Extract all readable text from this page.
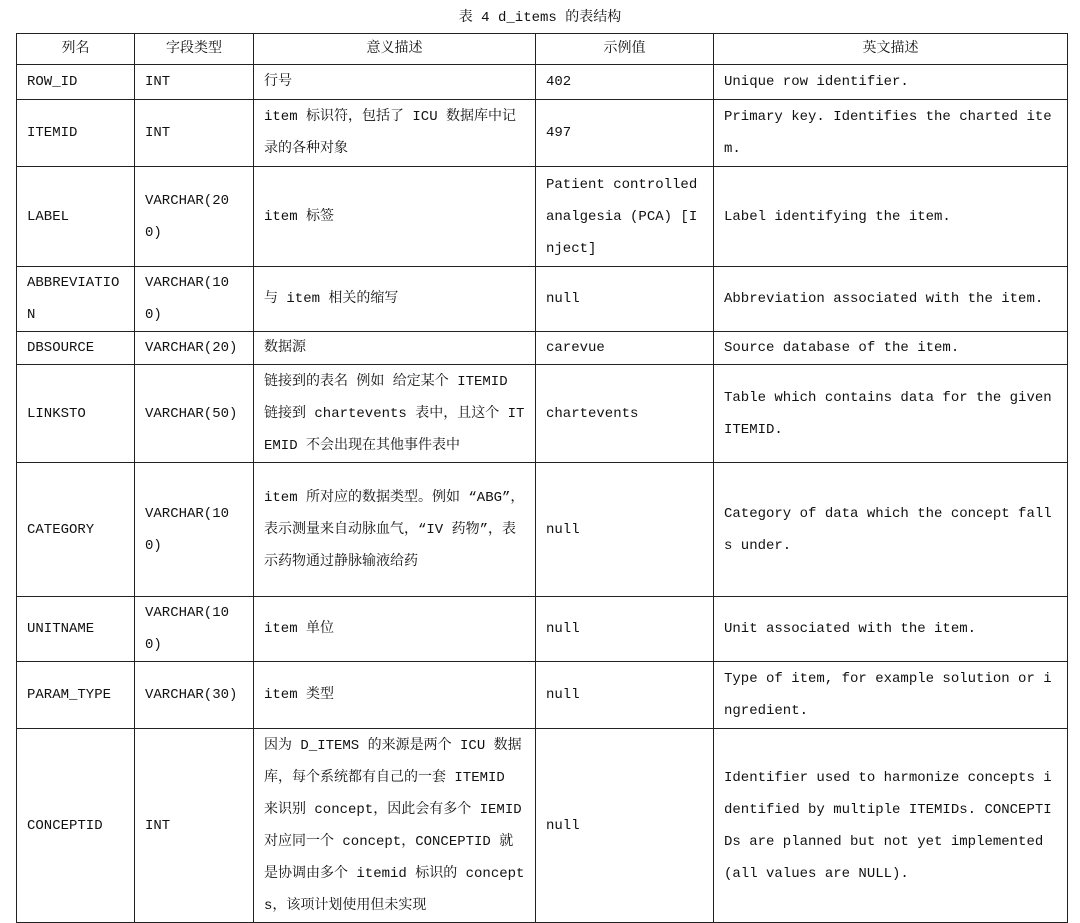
表 4 d_items 的表结构
列名	字段类型	意义描述	示例值	英文描述
ROW_ID	INT	行号	402	Unique row identifier.
ITEMID	INT	item 标识符，包括了 ICU 数据库中记录的各种对象	497	Primary key. Identifies the charted item.
LABEL	VARCHAR(200)	item 标签	Patient controlled analgesia (PCA) [Inject]	Label identifying the item.
ABBREVIATION	VARCHAR(100)	与 item 相关的缩写	null	Abbreviation associated with the item.
DBSOURCE	VARCHAR(20)	数据源	carevue	Source database of the item.
LINKSTO	VARCHAR(50)	链接到的表名 例如 给定某个 ITEMID 链接到 chartevents 表中，且这个 ITEMID 不会出现在其他事件表中	chartevents	Table which contains data for the given ITEMID.
CATEGORY	VARCHAR(100)	item 所对应的数据类型。例如 “ABG”，表示测量来自动脉血气，“IV 药物”，表示药物通过静脉输液给药	null	Category of data which the concept falls under.
UNITNAME	VARCHAR(100)	item 单位	null	Unit associated with the item.
PARAM_TYPE	VARCHAR(30)	item 类型	null	Type of item, for example solution or ingredient.
CONCEPTID	INT	因为 D_ITEMS 的来源是两个 ICU 数据库，每个系统都有自己的一套 ITEMID 来识别 concept，因此会有多个 IEMID 对应同一个 concept，CONCEPTID 就是协调由多个 itemid 标识的 concepts，该项计划使用但未实现	null	Identifier used to harmonize concepts identified by multiple ITEMIDs. CONCEPTIDs are planned but not yet implemented (all values are NULL).
